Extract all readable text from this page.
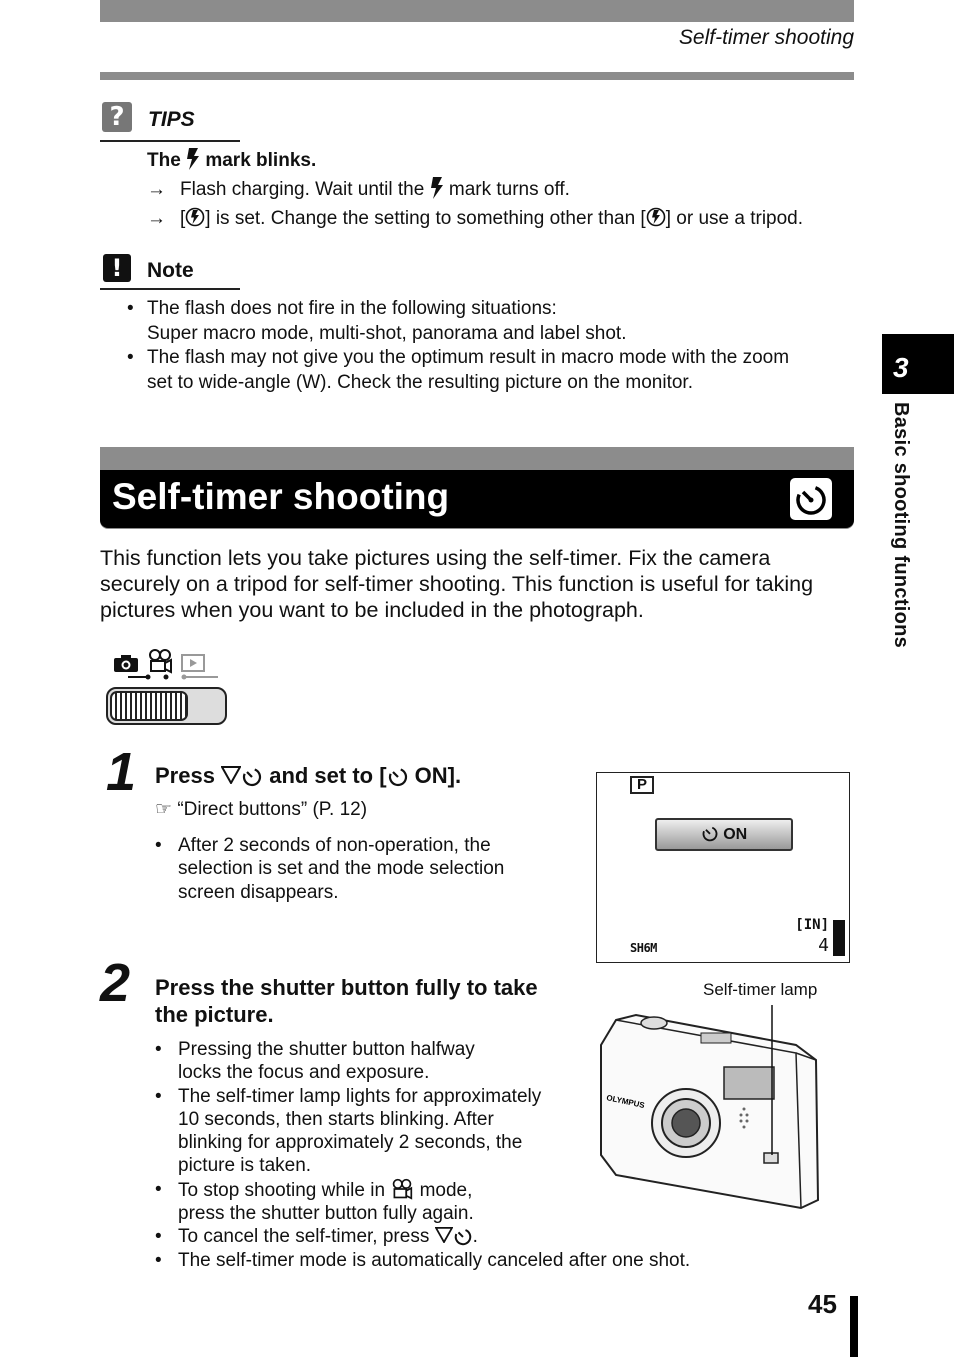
Self-timer shooting
?	TIPS
The mark blinks.
→ Flash charging. Wait until the mark turns off.
→ [ ] is set. Change the setting to something other than [ ] or use a tripod.
!	Note
• The flash does not fire in the following situations:
Super macro mode, multi-shot, panorama and label shot.
• The flash may not give you the optimum result in macro mode with the zoom
set to wide-angle (W). Check the resulting picture on the monitor.
Self-timer shooting
This function lets you take pictures using the self-timer. Fix the camera securely on a tripod for self-timer shooting. This function is useful for taking pictures when you want to be included in the photograph.

1 Press and set to [ ON].
☞ “Direct buttons” (P. 12)
• After 2 seconds of non-operation, the selection is set and the mode selection screen disappears.
P
ON
[IN]
4
SH6M
2 Press the shutter button fully to take the picture.
• Pressing the shutter button halfway locks the focus and exposure.
• The self-timer lamp lights for approximately 10 seconds, then starts blinking. After blinking for approximately 2 seconds, the picture is taken.
• To stop shooting while in mode,
press the shutter button fully again.
• To cancel the self-timer, press .
• The self-timer mode is automatically canceled after one shot.
Self-timer lamp
OLYMPUS
3
Basic shooting functions
45
